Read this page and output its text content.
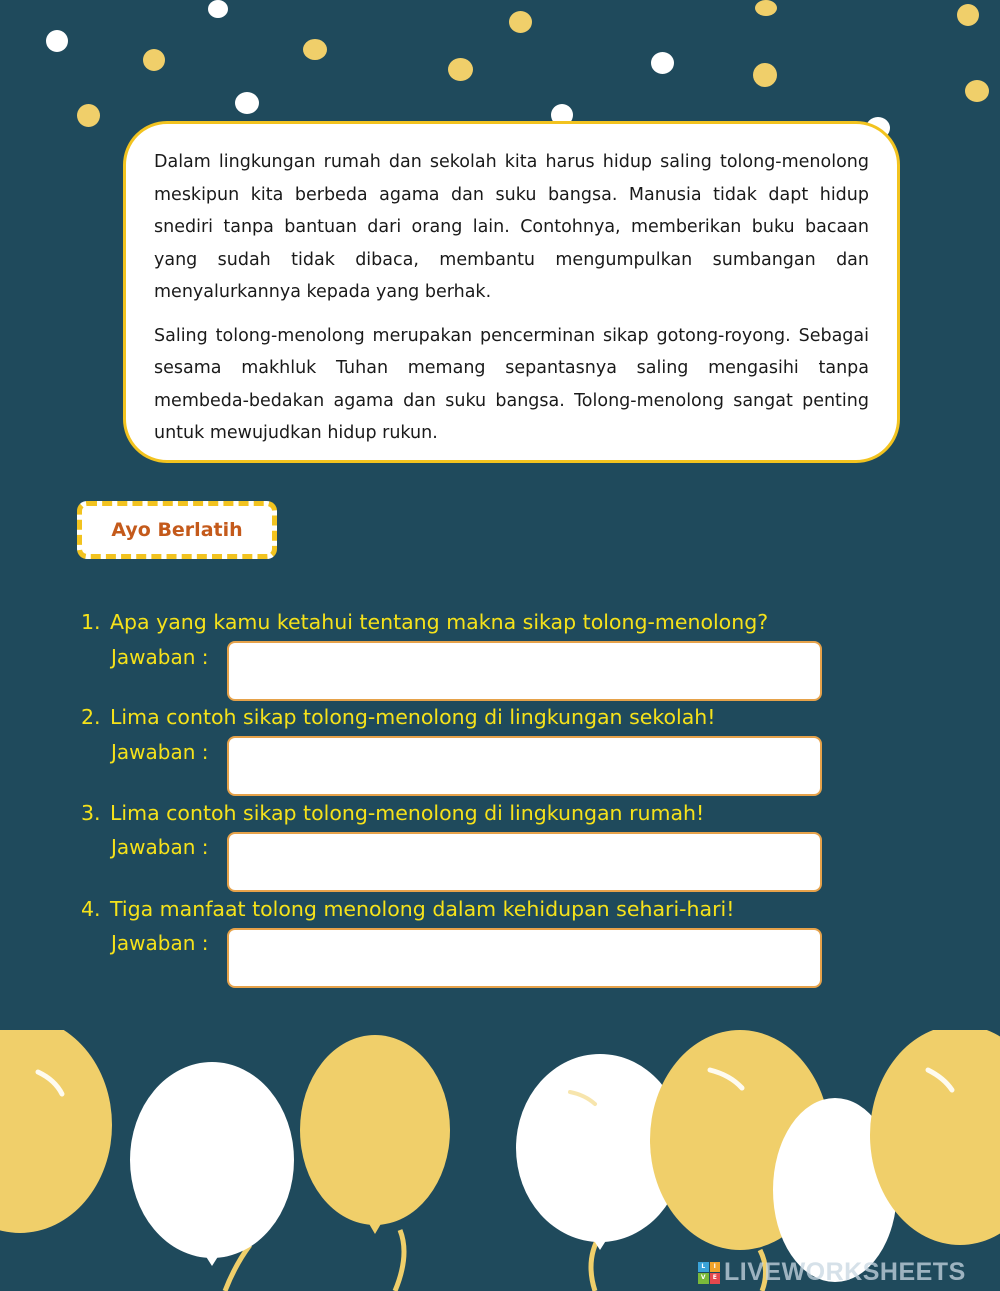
Dalam lingkungan rumah dan sekolah kita harus hidup saling tolong-menolong meskipun kita berbeda agama dan suku bangsa. Manusia tidak dapt hidup snediri tanpa bantuan dari orang lain. Contohnya, memberikan buku bacaan yang sudah tidak dibaca, membantu mengumpulkan sumbangan dan menyalurkannya kepada yang berhak.

Saling tolong-menolong merupakan pencerminan sikap gotong-royong. Sebagai sesama makhluk Tuhan memang sepantasnya saling mengasihi tanpa membeda-bedakan agama dan suku bangsa. Tolong-menolong sangat penting untuk mewujudkan hidup rukun.

Ayo Berlatih
1. Apa yang kamu ketahui tentang makna sikap tolong-menolong?
Jawaban :
2. Lima contoh sikap tolong-menolong di lingkungan sekolah!
Jawaban :
3. Lima contoh sikap tolong-menolong di lingkungan rumah!
Jawaban :
4. Tiga manfaat tolong menolong dalam kehidupan sehari-hari!
Jawaban :
L	I
V	E LIVEWORKSHEETS
